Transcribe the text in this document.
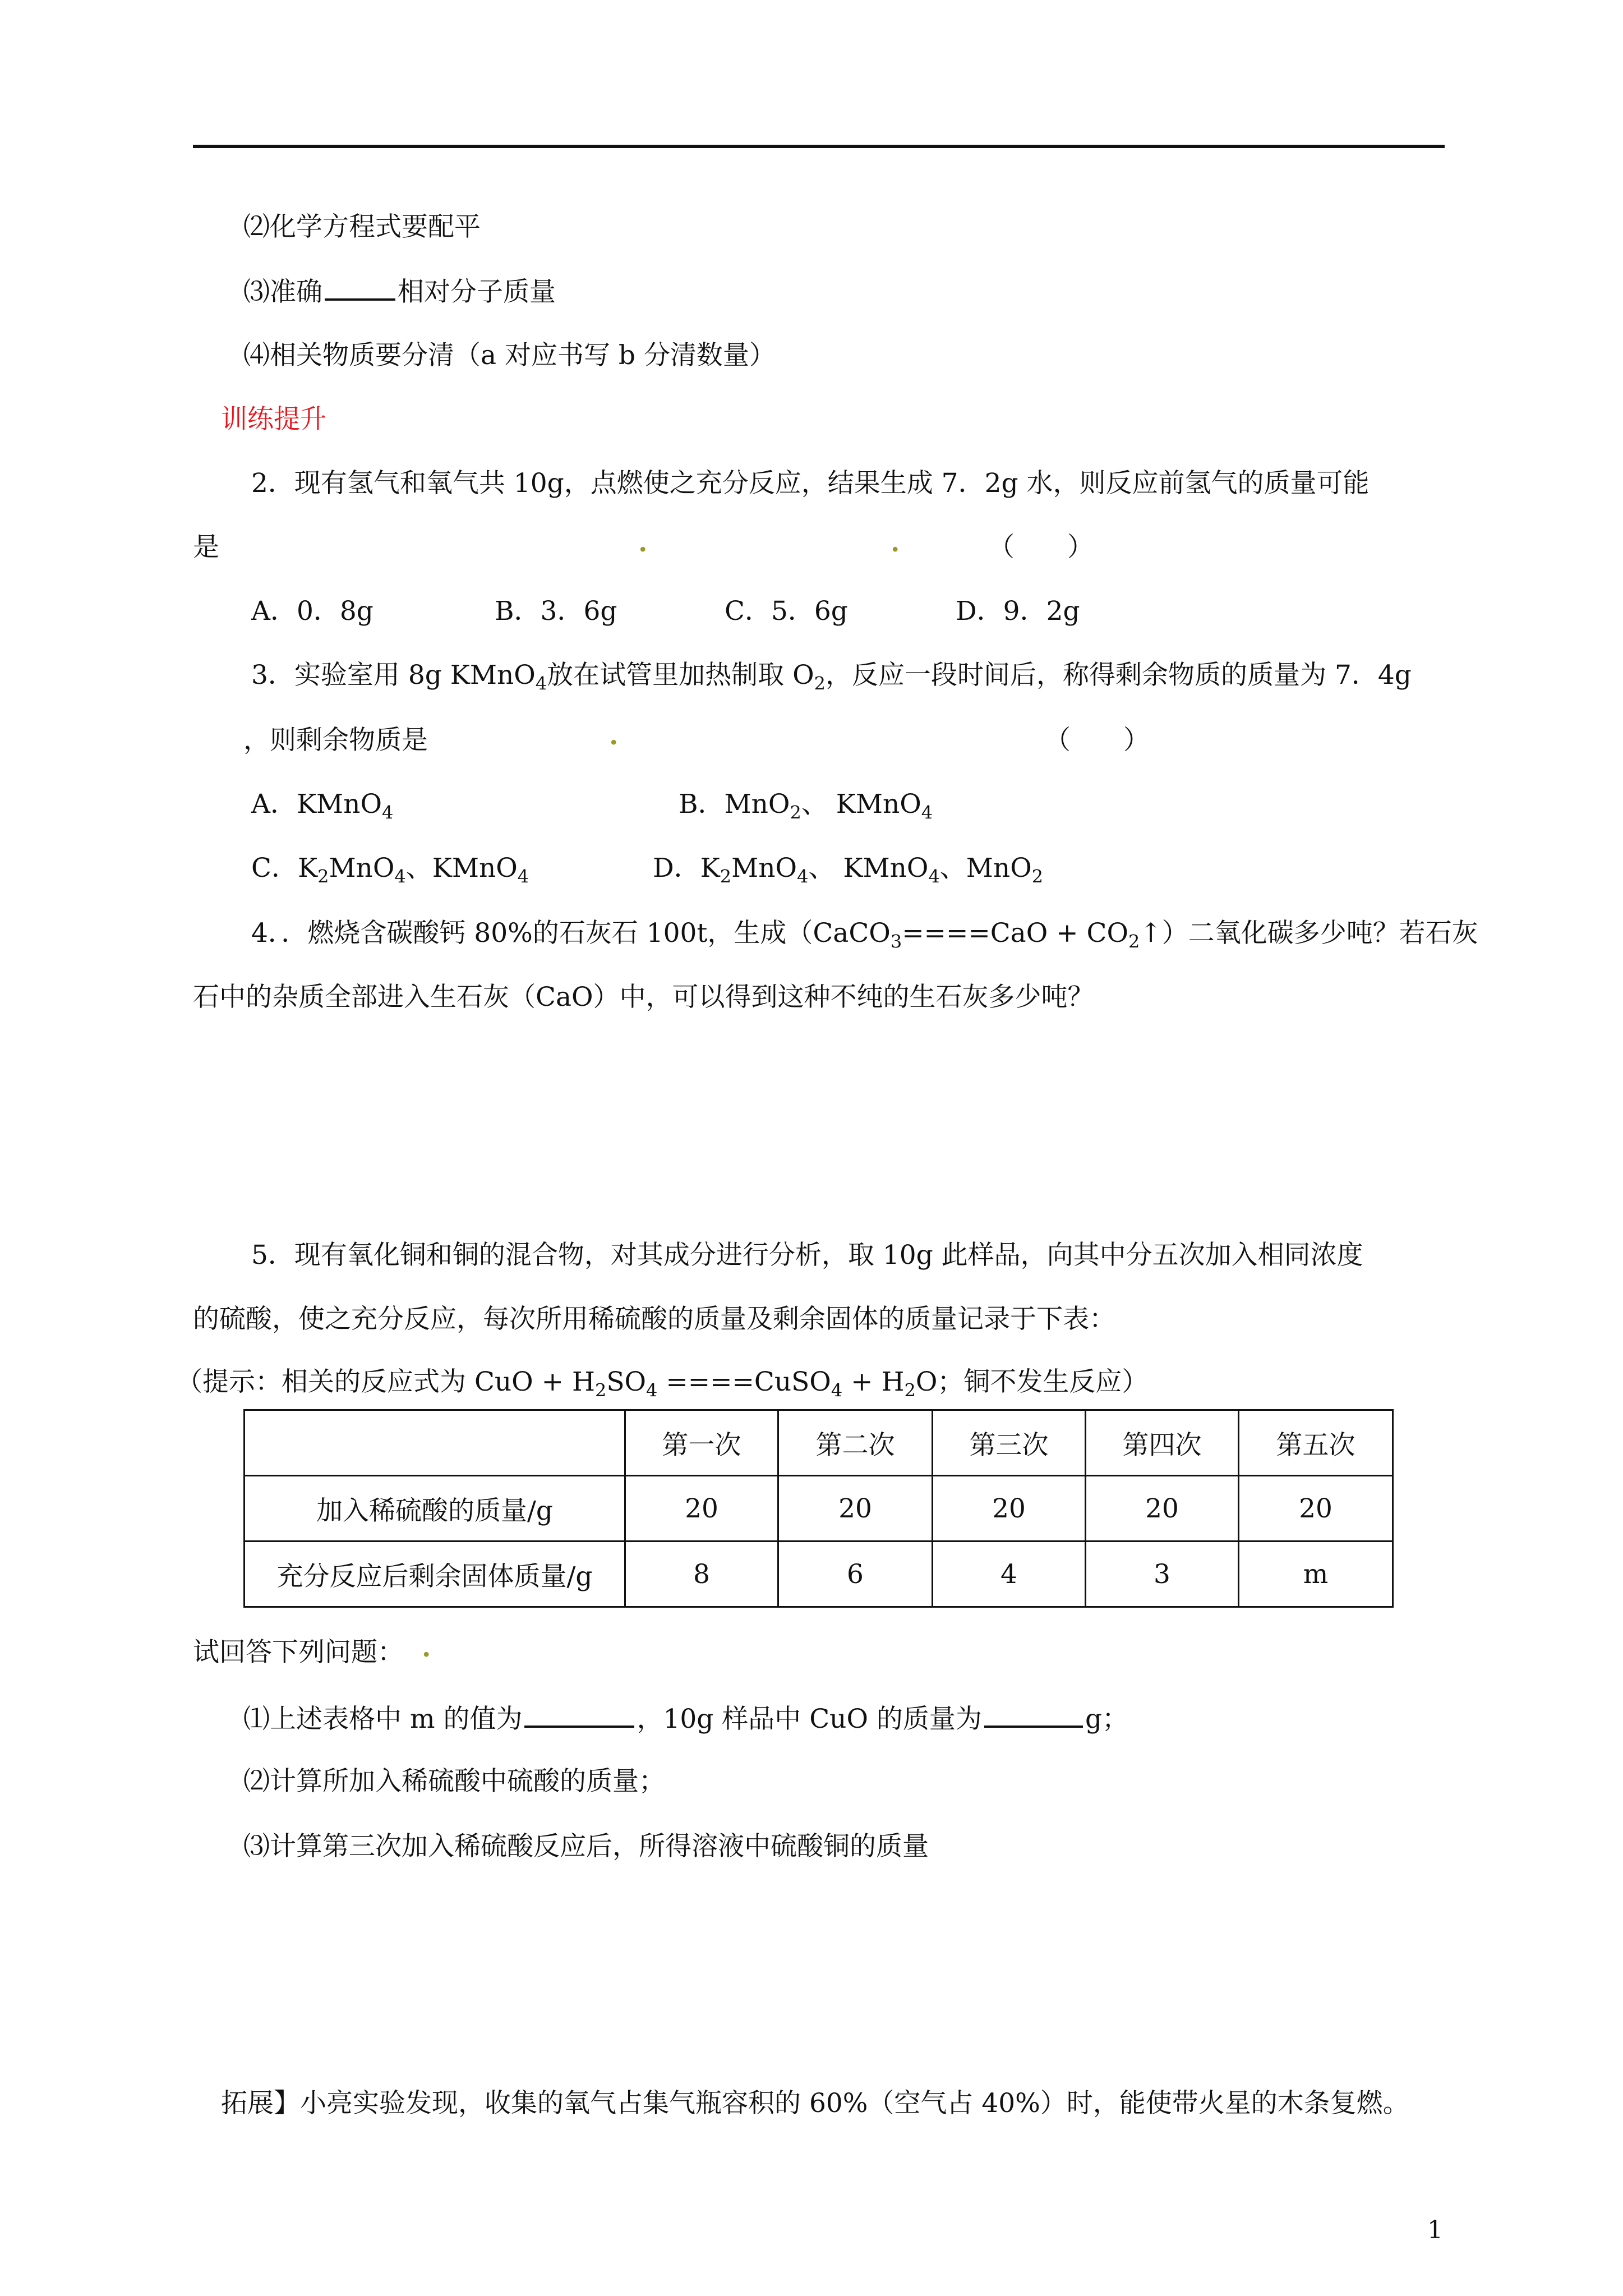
⑵化学方程式要配平
⑶准确	相对分子质量
⑷相关物质要分清（a 对应书写 b 分清数量）
训练提升
2．现有氢气和氧气共 10g，点燃使之充分反应，结果生成 7．2g 水，则反应前氢气的质量可能
是	.	.	（　　）
A．0．8g	B．3．6g	C．5．6g	D．9．2g
3．实验室用 8g KMnO$_4$放在试管里加热制取 $O_2$，反应一段时间后，称得剩余物质的质量为 7．4g
，则剩余物质是	.	（　　）
A．KMnO$_4$	B．MnO$_2$、 KMnO$_4$
C．$K_2MnO_4$、KMnO$_4$	D．$K_2MnO_4$、 KMnO$_4$、MnO$_2$
4．．燃烧含碳酸钙 80%的石灰石 100t，生成（CaCO$_3$====CaO + $CO_2↑$）二氧化碳多少吨？若石灰
石中的杂质全部进入生石灰（CaO）中，可以得到这种不纯的生石灰多少吨？
5．现有氧化铜和铜的混合物，对其成分进行分析，取 10g 此样品，向其中分五次加入相同浓度
的硫酸，使之充分反应，每次所用稀硫酸的质量及剩余固体的质量记录于下表：
（提示：相关的反应式为 CuO + $H_2SO_4$ ====CuSO$_4$ + $H_2O$；铜不发生反应）
	第一次	第二次	第三次	第四次	第五次
加入稀硫酸的质量/g	20	20	20	20	20
充分反应后剩余固体质量/g	8	6	4	3	m
试回答下列问题： .
⑴上述表格中 m 的值为	，10g 样品中 CuO 的质量为	g；
⑵计算所加入稀硫酸中硫酸的质量；
⑶计算第三次加入稀硫酸反应后，所得溶液中硫酸铜的质量
拓展】小亮实验发现，收集的氧气占集气瓶容积的 60%（空气占 40%）时，能使带火星的木条复燃。
1
